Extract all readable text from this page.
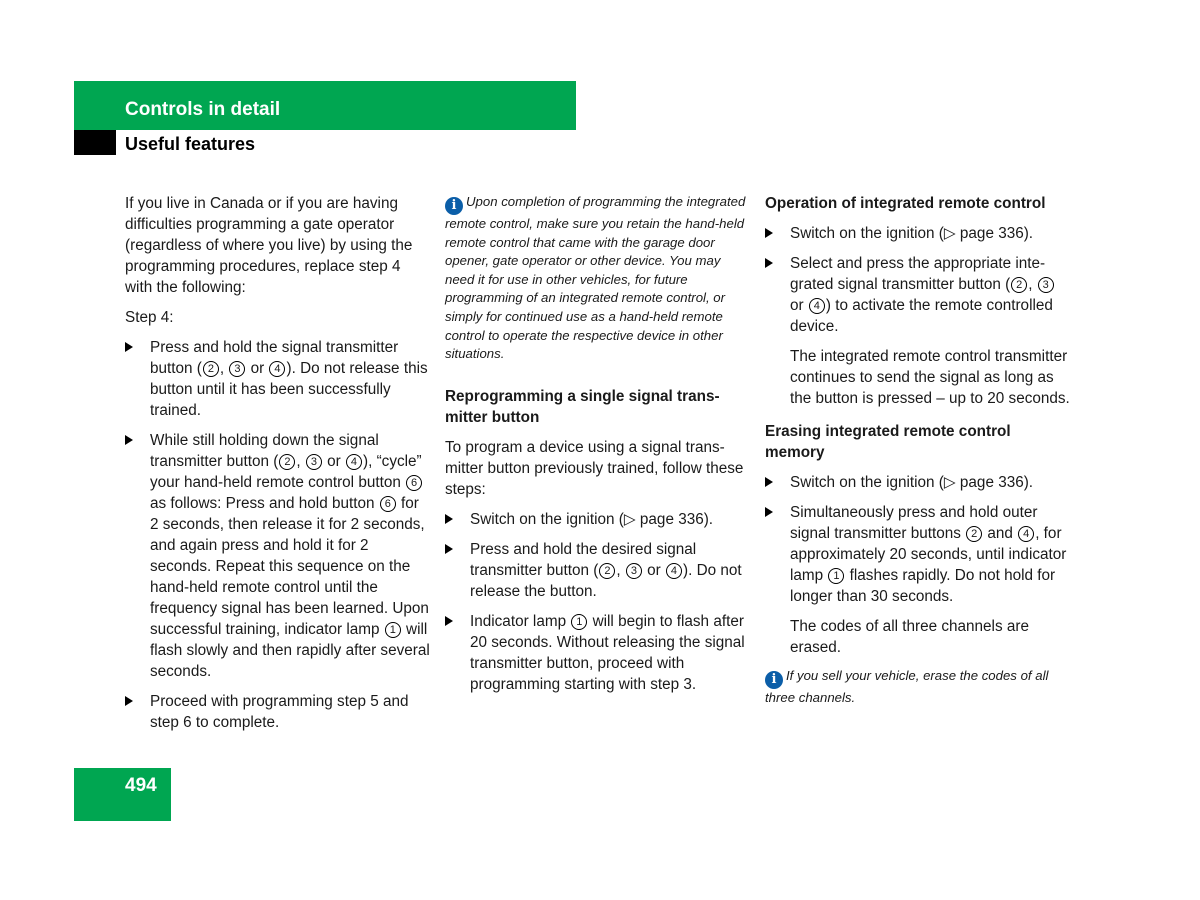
Controls in detail
Useful features

If you live in Canada or if you are having difficulties programming a gate operator (regardless of where you live) by using the programming procedures, replace step 4 with the following:

Step 4:

Press and hold the signal transmitter button ( 2 , 3 or 4 ). Do not release this button until it has been successfully trained.
While still holding down the signal transmitter button ( 2 , 3 or 4 ), “cycle” your hand-held remote control button 6 as follows: Press and hold button 6 for 2 seconds, then release it for 2 seconds, and again press and hold it for 2 seconds. Repeat this sequence on the hand-held remote control until the frequency signal has been learned. Upon successful training, indicator lamp 1 will flash slowly and then rapidly after several seconds.
Proceed with programming step 5 and step 6 to complete.

i Upon completion of programming the integrated remote control, make sure you retain the hand-held remote control that came with the garage door opener, gate operator or other device. You may need it for use in other vehicles, for future programming of an integrated remote control, or simply for continued use as a hand-held remote control to operate the respective device in other situations.

Reprogramming a single signal transmitter button

To program a device using a signal transmitter button previously trained, follow these steps:

Switch on the ignition (▷ page 336).
Press and hold the desired signal transmitter button ( 2 , 3 or 4 ). Do not release the button.
Indicator lamp 1 will begin to flash after 20 seconds. Without releasing the signal transmitter button, proceed with programming starting with step 3.

Operation of integrated remote control

Switch on the ignition (▷ page 336).
Select and press the appropriate integrated signal transmitter button ( 2 , 3 or 4 ) to activate the remote controlled device.

The integrated remote control transmitter continues to send the signal as long as the button is pressed – up to 20 seconds.

Erasing integrated remote control memory

Switch on the ignition (▷ page 336).
Simultaneously press and hold outer signal transmitter buttons 2 and 4 , for approximately 20 seconds, until indicator lamp 1 flashes rapidly. Do not hold for longer than 30 seconds.

The codes of all three channels are erased.

i If you sell your vehicle, erase the codes of all three channels.

494
